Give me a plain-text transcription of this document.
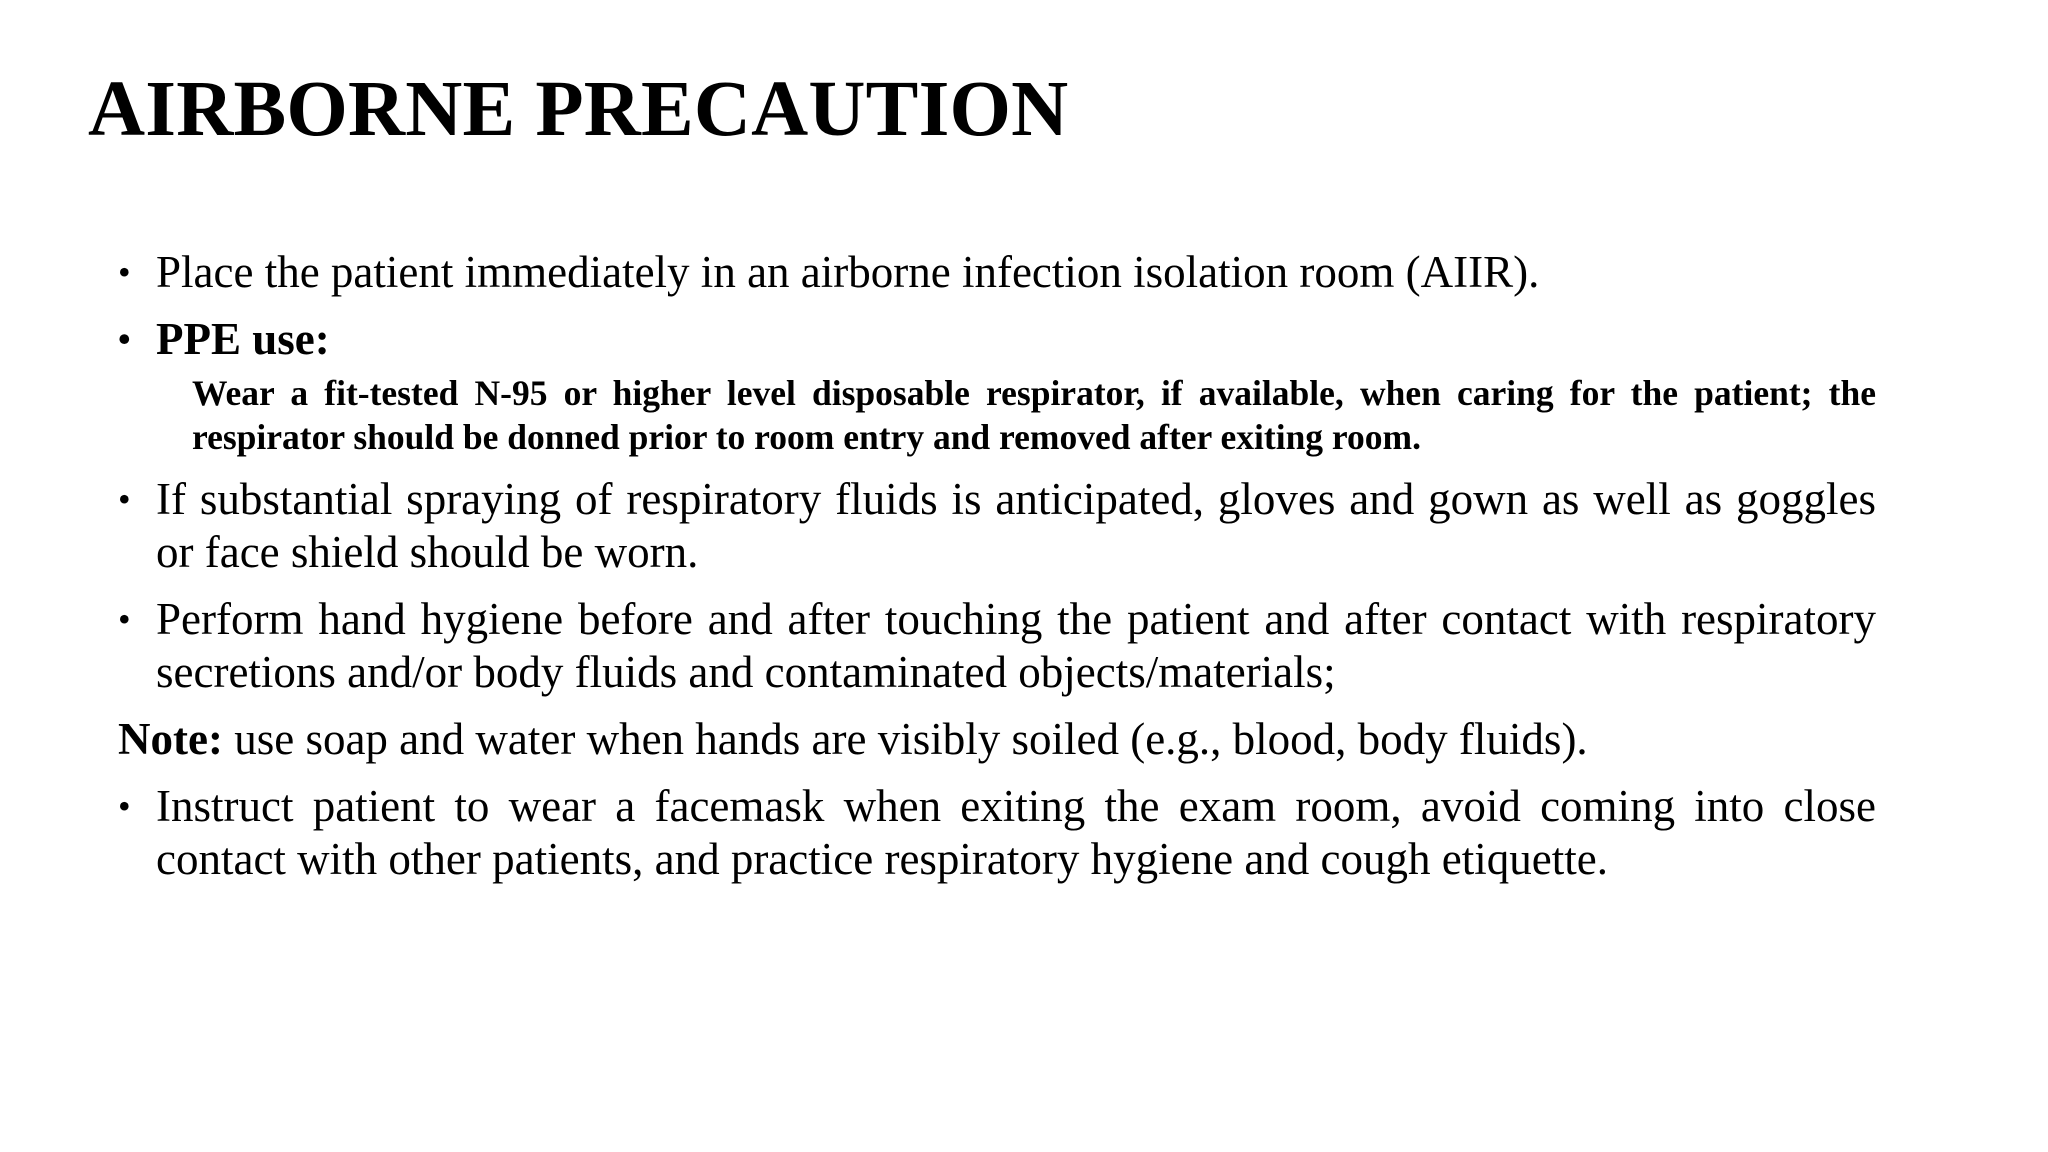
AIRBORNE PRECAUTION
• Place the patient immediately in an airborne infection isolation room (AIIR).
• PPE use:
Wear a fit-tested N-95 or higher level disposable respirator, if available, when caring for the patient; the respirator should be donned prior to room entry and removed after exiting room.
• If substantial spraying of respiratory fluids is anticipated, gloves and gown as well as goggles or face shield should be worn.
• Perform hand hygiene before and after touching the patient and after contact with respiratory secretions and/or body fluids and contaminated objects/materials;
Note: use soap and water when hands are visibly soiled (e.g., blood, body fluids).
• Instruct patient to wear a facemask when exiting the exam room, avoid coming into close contact with other patients, and practice respiratory hygiene and cough etiquette.
